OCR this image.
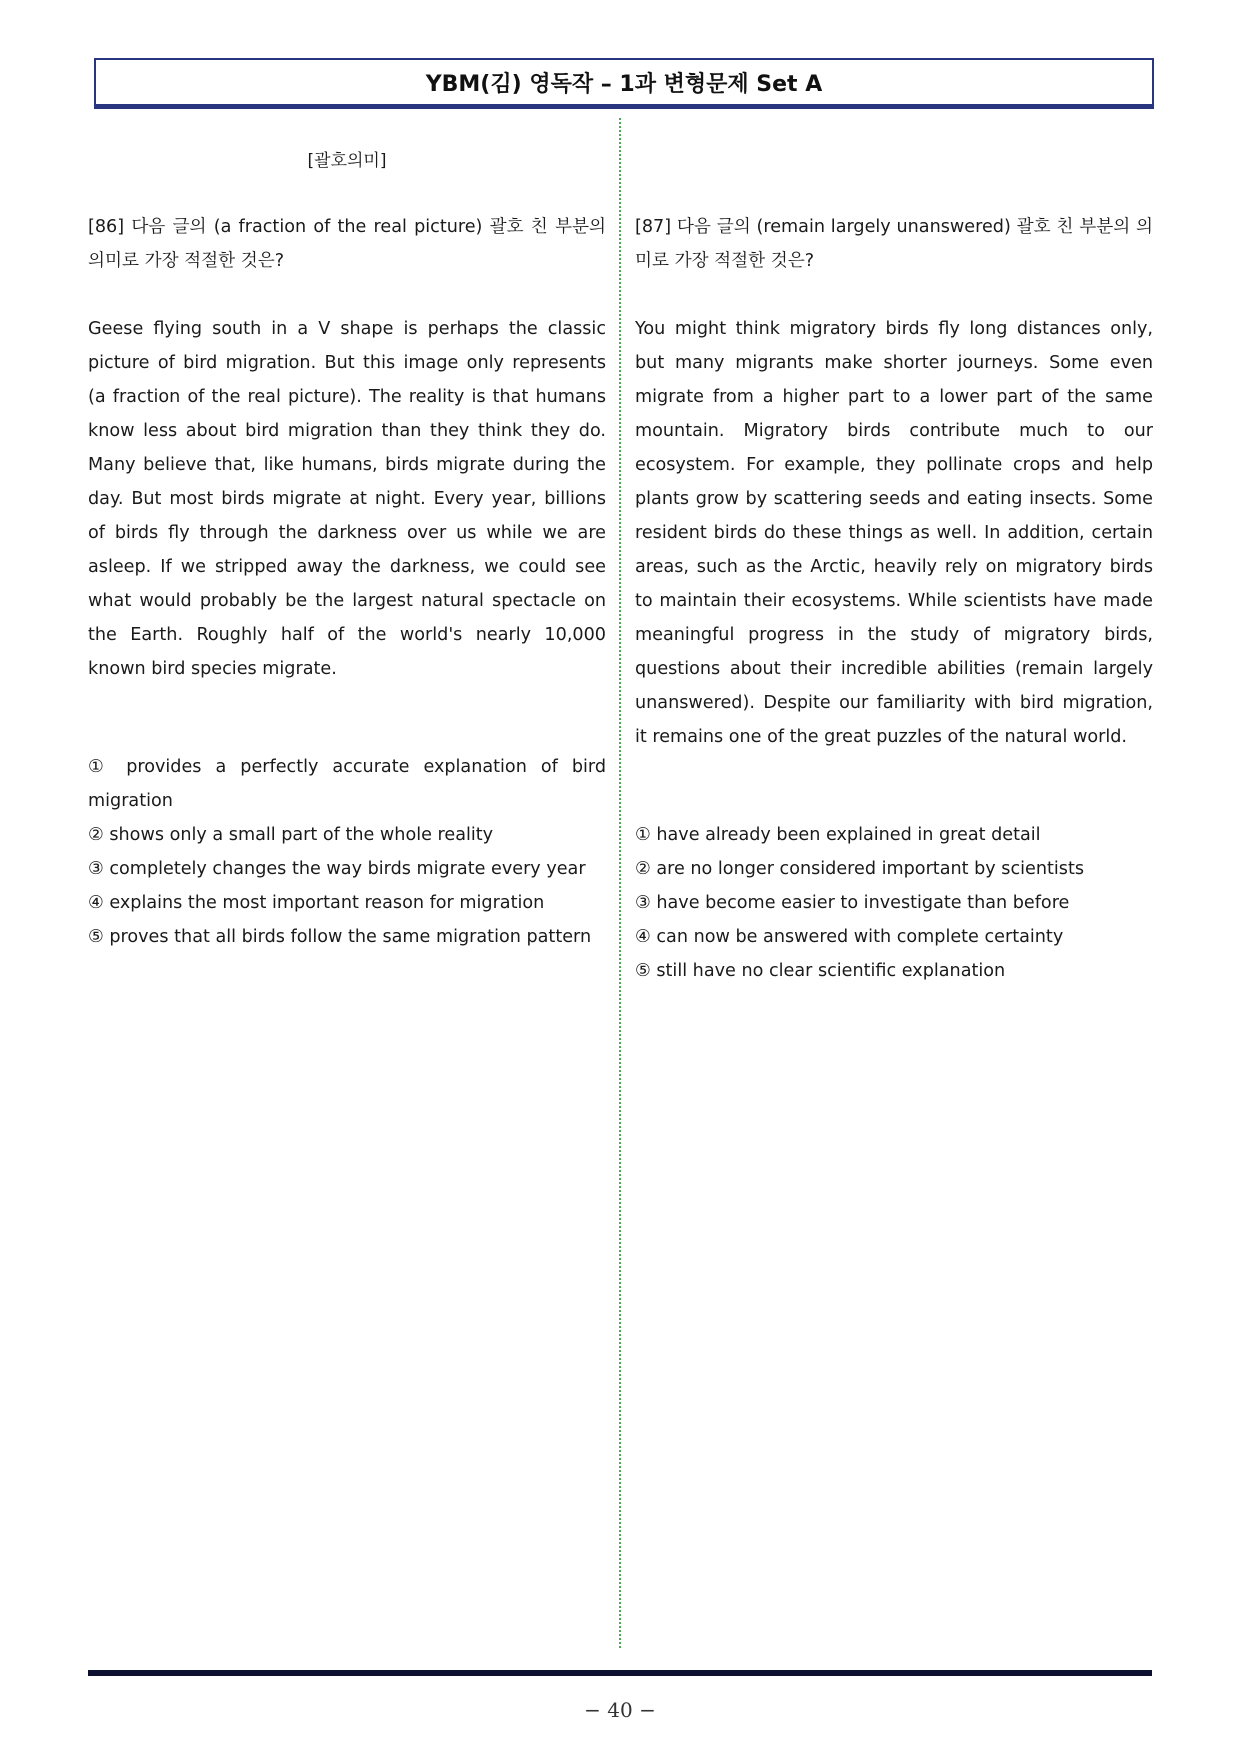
YBM(김) 영독작 – 1과 변형문제 Set A
[괄호의미]
[86] 다음 글의 (a fraction of the real picture) 괄호 친 부분의 의미로 가장 적절한 것은?
Geese flying south in a V shape is perhaps the classic picture of bird migration. But this image only represents (a fraction of the real picture). The reality is that humans know less about bird migration than they think they do. Many believe that, like humans, birds migrate during the day. But most birds migrate at night. Every year, billions of birds fly through the darkness over us while we are asleep. If we stripped away the darkness, we could see what would probably be the largest natural spectacle on the Earth. Roughly half of the world's nearly 10,000 known bird species migrate.
① provides a perfectly accurate explanation of bird migration
② shows only a small part of the whole reality
③ completely changes the way birds migrate every year
④ explains the most important reason for migration
⑤ proves that all birds follow the same migration pattern
[87] 다음 글의 (remain largely unanswered) 괄호 친 부분의 의미로 가장 적절한 것은?
You might think migratory birds fly long distances only, but many migrants make shorter journeys. Some even migrate from a higher part to a lower part of the same mountain. Migratory birds contribute much to our ecosystem. For example, they pollinate crops and help plants grow by scattering seeds and eating insects. Some resident birds do these things as well. In addition, certain areas, such as the Arctic, heavily rely on migratory birds to maintain their ecosystems. While scientists have made meaningful progress in the study of migratory birds, questions about their incredible abilities (remain largely unanswered). Despite our familiarity with bird migration, it remains one of the great puzzles of the natural world.
① have already been explained in great detail
② are no longer considered important by scientists
③ have become easier to investigate than before
④ can now be answered with complete certainty
⑤ still have no clear scientific explanation
− 40 −
